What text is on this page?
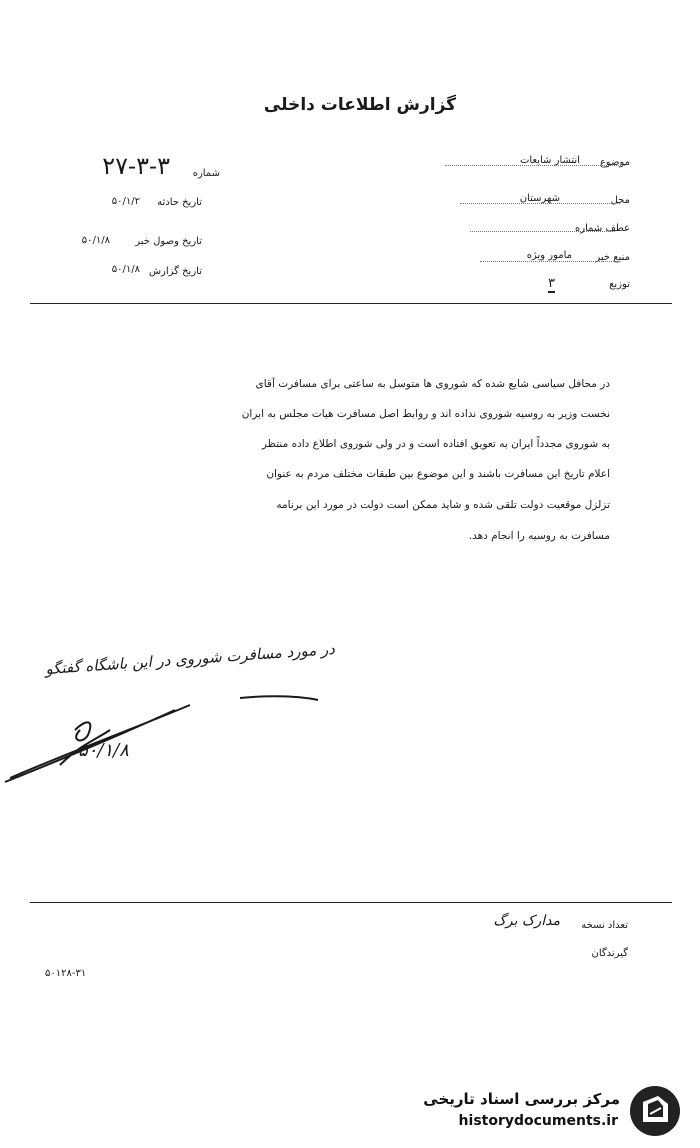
گزارش اطلاعات داخلی
موضوع
انتشار شایعات
محل
شهرستان
عطف شماره
منبع خبر
مامور ویژه
توزیع
۳
شماره
۲۷-۳-۳
تاریخ حادثه
۵۰/۱/۲
تاریخ وصول خبر
۵۰/۱/۸
تاریخ گزارش
۵۰/۱/۸
در محافل سیاسی شایع شده که شوروی ها متوسل به ساعتی برای مسافرت آقای
نخست وزیر به روسیه شوروی نداده اند و روابط اصل مسافرت هیات مجلس به ایران
به شوروی مجدداً ایران به تعویق افتاده است و در ولی شوروی اطلاع داده منتظر
اعلام تاریخ این مسافرت باشند و این موضوع بین طبقات مختلف مردم به عنوان
تزلزل موقعیت دولت تلقی شده و شاید ممکن است دولت در مورد این برنامه
مسافرت به روسیه را انجام دهد.
در مورد مسافرت شوروی در این باشگاه گفتگو
۵۰/۱/۸
تعداد نسخه
مدارک برگ
گیرندگان
۵۰۱۲۸-۳۱
مرکز بررسی اسناد تاریخی
historydocuments.ir
